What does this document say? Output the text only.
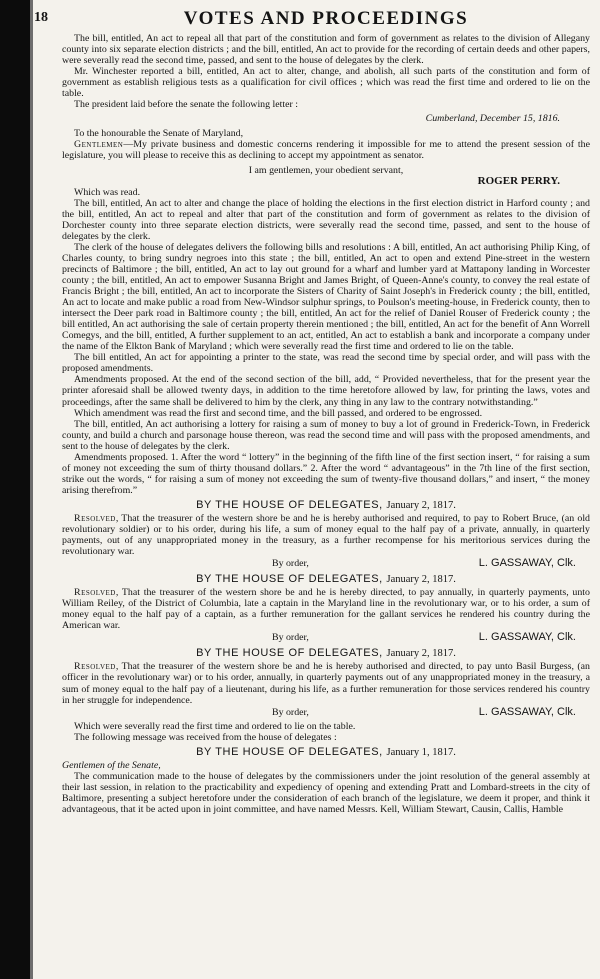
18	VOTES AND PROCEEDINGS

The bill, entitled, An act to repeal all that part of the constitution and form of government as relates to the division of Allegany county into six separate election districts ; and the bill, entitled, An act to provide for the recording of certain deeds and other papers, were severally read the second time, passed, and sent to the house of delegates by the clerk.

Mr. Winchester reported a bill, entitled, An act to alter, change, and abolish, all such parts of the constitution and form of government as establish religious tests as a qualification for civil offices ; which was read the first time and ordered to lie on the table.

The president laid before the senate the following letter :

Cumberland, December 15, 1816.

To the honourable the Senate of Maryland,

Gentlemen—My private business and domestic concerns rendering it impossible for me to attend the present session of the legislature, you will please to receive this as declining to accept my appointment as senator.

I am gentlemen, your obedient servant,

ROGER PERRY.

Which was read.

The bill, entitled, An act to alter and change the place of holding the elections in the first election district in Harford county ; and the bill, entitled, An act to repeal and alter that part of the constitution and form of government as relates to the division of Dorchester county into three separate election districts, were severally read the second time, passed, and sent to the house of delegates by the clerk.

The clerk of the house of delegates delivers the following bills and resolutions : A bill, entitled, An act authorising Philip King, of Charles county, to bring sundry negroes into this state ; the bill, entitled, An act to open and extend Pine-street in the western precincts of Baltimore ; the bill, entitled, An act to lay out ground for a wharf and lumber yard at Mattapony landing in Worcester county ; the bill, entitled, An act to empower Susanna Bright and James Bright, of Queen-Anne's county, to convey the real estate of Francis Bright ; the bill, entitled, An act to incorporate the Sisters of Charity of Saint Joseph's in Frederick county ; the bill, entitled, An act to locate and make public a road from New-Windsor sulphur springs, to Poulson's meeting-house, in Frederick county, then to intersect the Deer park road in Baltimore county ; the bill, entitled, An act for the relief of Daniel Rouser of Frederick county ; the bill entitled, An act authorising the sale of certain property therein mentioned ; the bill, entitled, An act for the benefit of Ann Worrell Comegys, and the bill, entitled, A further supplement to an act, entitled, An act to establish a bank and incorporate a company under the name of the Elkton Bank of Maryland ; which were severally read the first time and ordered to lie on the table.

The bill entitled, An act for appointing a printer to the state, was read the second time by special order, and will pass with the proposed amendments.

Amendments proposed. At the end of the second section of the bill, add, “ Provided nevertheless, that for the present year the printer aforesaid shall be allowed twenty days, in addition to the time heretofore allowed by law, for printing the laws, votes and proceedings, after the same shall be delivered to him by the clerk, any thing in any law to the contrary notwithstanding.”

Which amendment was read the first and second time, and the bill passed, and ordered to be engrossed.

The bill, entitled, An act authorising a lottery for raising a sum of money to buy a lot of ground in Frederick-Town, in Frederick county, and build a church and parsonage house thereon, was read the second time and will pass with the proposed amendments, and sent to the house of delegates by the clerk.

Amendments proposed. 1. After the word “ lottery” in the beginning of the fifth line of the first section insert, “ for raising a sum of money not exceeding the sum of thirty thousand dollars.” 2. After the word “ advantageous” in the 7th line of the first section, strike out the words, “ for raising a sum of money not exceeding the sum of twenty-five thousand dollars,” and insert, “ the money arising therefrom.”

BY THE HOUSE OF DELEGATES, January 2, 1817.

Resolved, That the treasurer of the western shore be and he is hereby authorised and required, to pay to Robert Bruce, (an old revolutionary soldier) or to his order, during his life, a sum of money equal to the half pay of a private, annually, in quarterly payments, out of any unappropriated money in the treasury, as a further recompense for his meritorious services during the revolutionary war.

By order,	L. GASSAWAY, Clk.
BY THE HOUSE OF DELEGATES, January 2, 1817.

Resolved, That the treasurer of the western shore be and he is hereby directed, to pay annually, in quarterly payments, unto William Reiley, of the District of Columbia, late a captain in the Maryland line in the revolutionary war, or to his order, a sum of money equal to the half pay of a captain, as a further remuneration for the gallant services he rendered his country during the American war.

By order,	L. GASSAWAY, Clk.
BY THE HOUSE OF DELEGATES, January 2, 1817.

Resolved, That the treasurer of the western shore be and he is hereby authorised and directed, to pay unto Basil Burgess, (an officer in the revolutionary war) or to his order, annually, in quarterly payments out of any unappropriated money in the treasury, a sum of money equal to the half pay of a lieutenant, during his life, as a further remuneration for those services rendered his country in her struggle for independence.

By order,	L. GASSAWAY, Clk.

Which were severally read the first time and ordered to lie on the table.

The following message was received from the house of delegates :

BY THE HOUSE OF DELEGATES, January 1, 1817.

Gentlemen of the Senate,

The communication made to the house of delegates by the commissioners under the joint resolution of the general assembly at their last session, in relation to the practicability and expediency of opening and extending Pratt and Lombard-streets in the city of Baltimore, presenting a subject heretofore under the consideration of each branch of the legislature, we deem it proper, and think it advantageous, that it be acted upon in joint committee, and have named Messrs. Kell, William Stewart, Causin, Callis, Hamble
